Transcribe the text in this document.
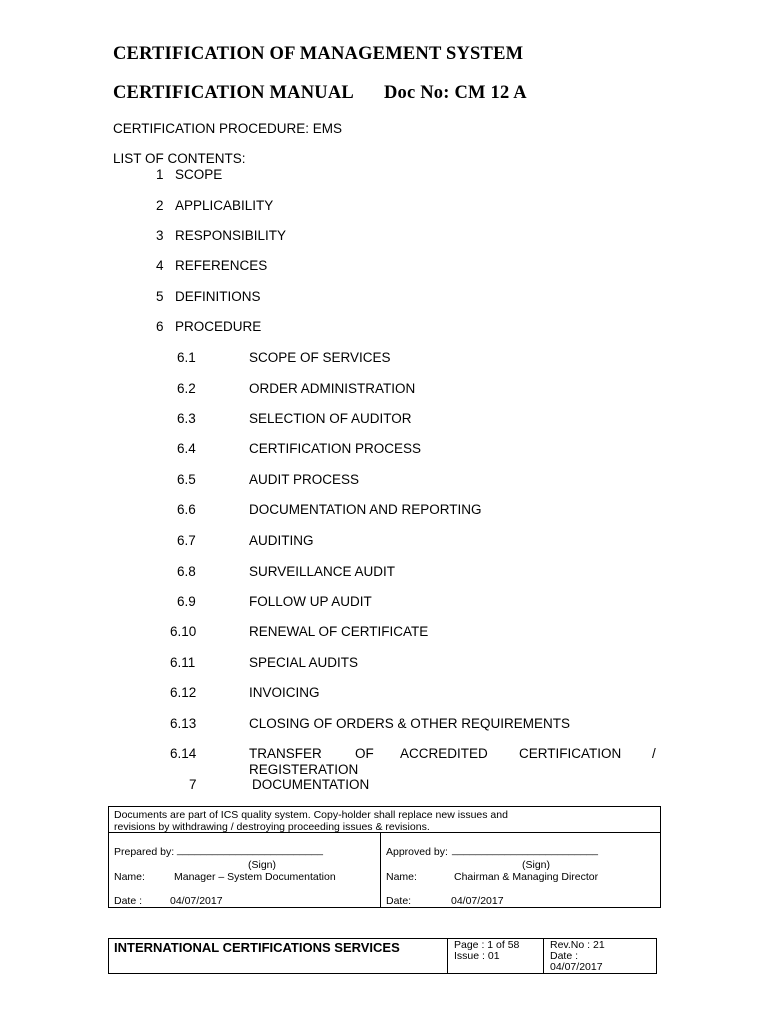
CERTIFICATION OF MANAGEMENT SYSTEM
CERTIFICATION MANUAL Doc No: CM 12 A
CERTIFICATION PROCEDURE: EMS
LIST OF CONTENTS:
1 SCOPE
2 APPLICABILITY
3 RESPONSIBILITY
4 REFERENCES
5 DEFINITIONS
6 PROCEDURE
6.1	SCOPE OF SERVICES
6.2	ORDER ADMINISTRATION
6.3	SELECTION OF AUDITOR
6.4	CERTIFICATION PROCESS
6.5	AUDIT PROCESS
6.6	DOCUMENTATION AND REPORTING
6.7	AUDITING
6.8	SURVEILLANCE AUDIT
6.9	FOLLOW UP AUDIT
6.10	RENEWAL OF CERTIFICATE
6.11	SPECIAL AUDITS
6.12	INVOICING
6.13	CLOSING OF ORDERS & OTHER REQUIREMENTS
6.14	TRANSFER OF ACCREDITED CERTIFICATION /
REGISTERATION
7	DOCUMENTATION
Documents are part of ICS quality system. Copy-holder shall replace new issues and
revisions by withdrawing / destroying proceeding issues & revisions.
Prepared by: _________________________
(Sign)
Name:	Manager – System Documentation
Date :	04/07/2017
Approved by: _________________________
(Sign)
Name:	Chairman & Managing Director
Date:	04/07/2017
INTERNATIONAL CERTIFICATIONS SERVICES	Page : 1 of 58
Issue : 01
Rev.No : 21
Date :
04/07/2017
